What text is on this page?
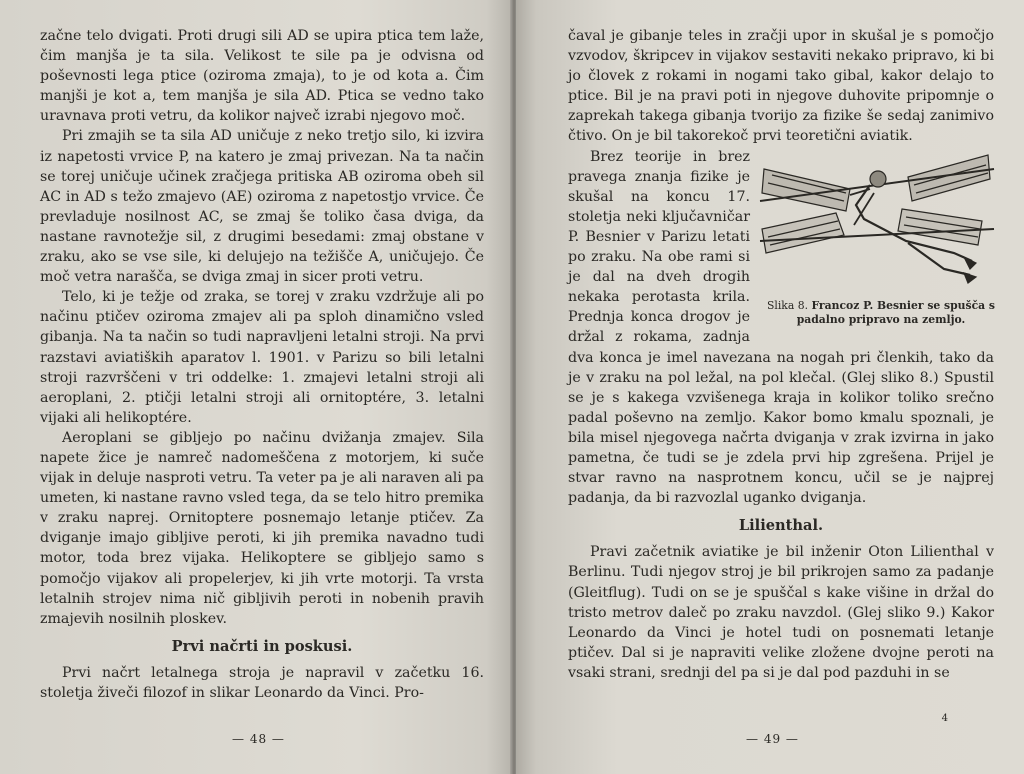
začne telo dvigati. Proti drugi sili AD se upira ptica tem laže, čim manjša je ta sila. Velikost te sile pa je odvisna od poševnosti lega ptice (oziroma zmaja), to je od kota a. Čim manjši je kot a, tem manjša je sila AD. Ptica se vedno tako uravnava proti vetru, da kolikor največ izrabi njegovo moč.

Pri zmajih se ta sila AD uničuje z neko tretjo silo, ki izvira iz napetosti vrvice P, na katero je zmaj privezan. Na ta način se torej uničuje učinek zračjega pritiska AB oziroma obeh sil AC in AD s težo zmajevo (AE) oziroma z napetostjo vrvice. Če prevladuje nosilnost AC, se zmaj še toliko časa dviga, da nastane ravnotežje sil, z drugimi besedami: zmaj obstane v zraku, ako se vse sile, ki delujejo na težišče A, uničujejo. Če moč vetra narašča, se dviga zmaj in sicer proti vetru.

Telo, ki je težje od zraka, se torej v zraku vzdržuje ali po načinu ptičev oziroma zmajev ali pa sploh dinamično vsled gibanja. Na ta način so tudi napravljeni letalni stroji. Na prvi razstavi aviatiških aparatov l. 1901. v Parizu so bili letalni stroji razvrščeni v tri oddelke: 1. zmajevi letalni stroji ali aeroplani, 2. ptičji letalni stroji ali ornitoptére, 3. letalni vijaki ali helikoptére.

Aeroplani se gibljejo po načinu dvižanja zmajev. Sila napete žice je namreč nadomeščena z motorjem, ki suče vijak in deluje nasproti vetru. Ta veter pa je ali naraven ali pa umeten, ki nastane ravno vsled tega, da se telo hitro premika v zraku naprej. Ornitoptere posnemajo letanje ptičev. Za dviganje imajo gibljive peroti, ki jih premika navadno tudi motor, toda brez vijaka. Helikoptere se gibljejo samo s pomočjo vijakov ali propelerjev, ki jih vrte motorji. Ta vrsta letalnih strojev nima nič gibljivih peroti in nobenih pravih zmajevih nosilnih ploskev.

Prvi načrti in poskusi.

Prvi načrt letalnega stroja je napravil v začetku 16. stoletja živeči filozof in slikar Leonardo da Vinci. Pro-

— 48 —

čaval je gibanje teles in zračji upor in skušal je s pomočjo vzvodov, škripcev in vijakov sestaviti nekako pripravo, ki bi jo človek z rokami in nogami tako gibal, kakor delajo to ptice. Bil je na pravi poti in njegove duhovite pripomnje o zaprekah takega gibanja tvorijo za fizike še sedaj zanimivo čtivo. On je bil takorekoč prvi teoretični aviatik.

Slika 8. Francoz P. Besnier se spušča s padalno pripravo na zemljo.

Brez teorije in brez pravega znanja fizike je skušal na koncu 17. stoletja neki ključavničar P. Besnier v Parizu letati po zraku. Na obe rami si je dal na dveh drogih nekaka perotasta krila. Prednja konca drogov je držal z rokama, zadnja dva konca je imel navezana na nogah pri členkih, tako da je v zraku na pol ležal, na pol klečal. (Glej sliko 8.) Spustil se je s kakega vzvišenega kraja in kolikor toliko srečno padal poševno na zemljo. Kakor bomo kmalu spoznali, je bila misel njegovega načrta dviganja v zrak izvirna in jako pametna, če tudi se je zdela prvi hip zgrešena. Prijel je stvar ravno na nasprotnem koncu, učil se je najprej padanja, da bi razvozlal uganko dviganja.

Lilienthal.

Pravi začetnik aviatike je bil inženir Oton Lilienthal v Berlinu. Tudi njegov stroj je bil prikrojen samo za padanje (Gleitflug). Tudi on se je spuščal s kake višine in držal do tristo metrov daleč po zraku navzdol. (Glej sliko 9.) Kakor Leonardo da Vinci je hotel tudi on posnemati letanje ptičev. Dal si je napraviti velike zložene dvojne peroti na vsaki strani, srednji del pa si je dal pod pazduhi in se

4
— 49 —
